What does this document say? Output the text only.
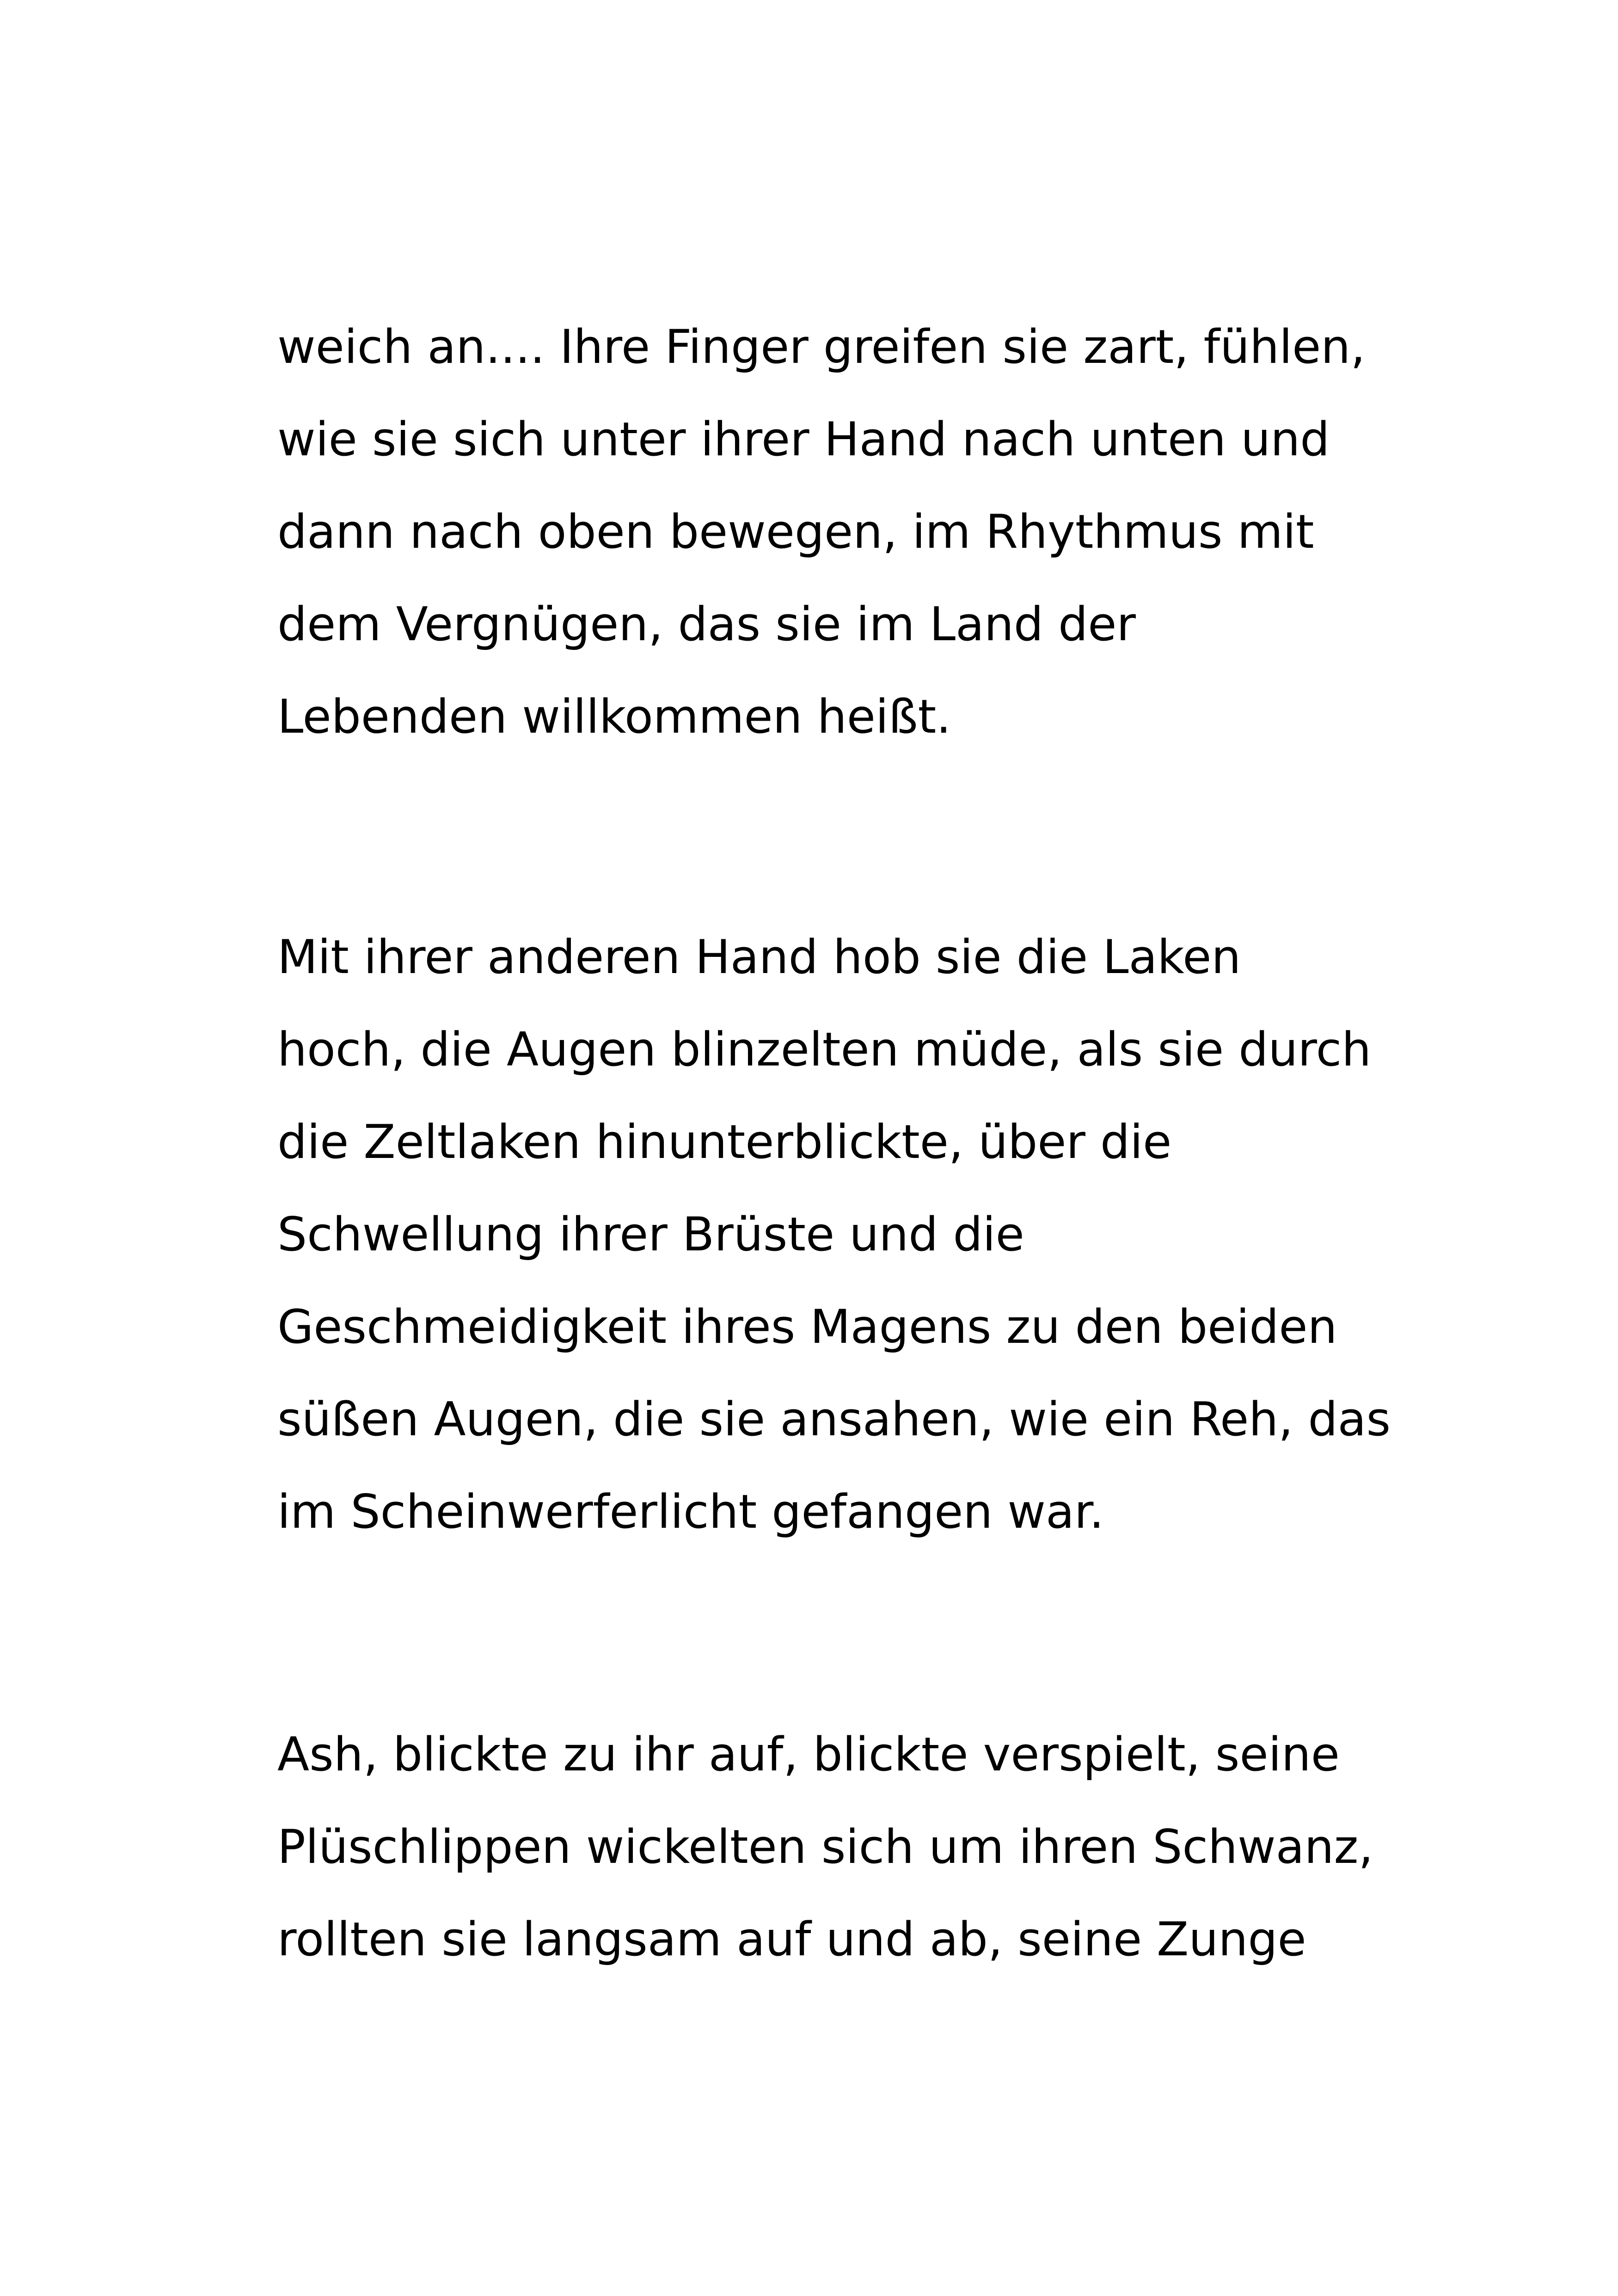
weich an.... Ihre Finger greifen sie zart, fühlen,
wie sie sich unter ihrer Hand nach unten und
dann nach oben bewegen, im Rhythmus mit
dem Vergnügen, das sie im Land der
Lebenden willkommen heißt.
Mit ihrer anderen Hand hob sie die Laken
hoch, die Augen blinzelten müde, als sie durch
die Zeltlaken hinunterblickte, über die
Schwellung ihrer Brüste und die
Geschmeidigkeit ihres Magens zu den beiden
süßen Augen, die sie ansahen, wie ein Reh, das
im Scheinwerferlicht gefangen war.
Ash, blickte zu ihr auf, blickte verspielt, seine
Plüschlippen wickelten sich um ihren Schwanz,
rollten sie langsam auf und ab, seine Zunge
